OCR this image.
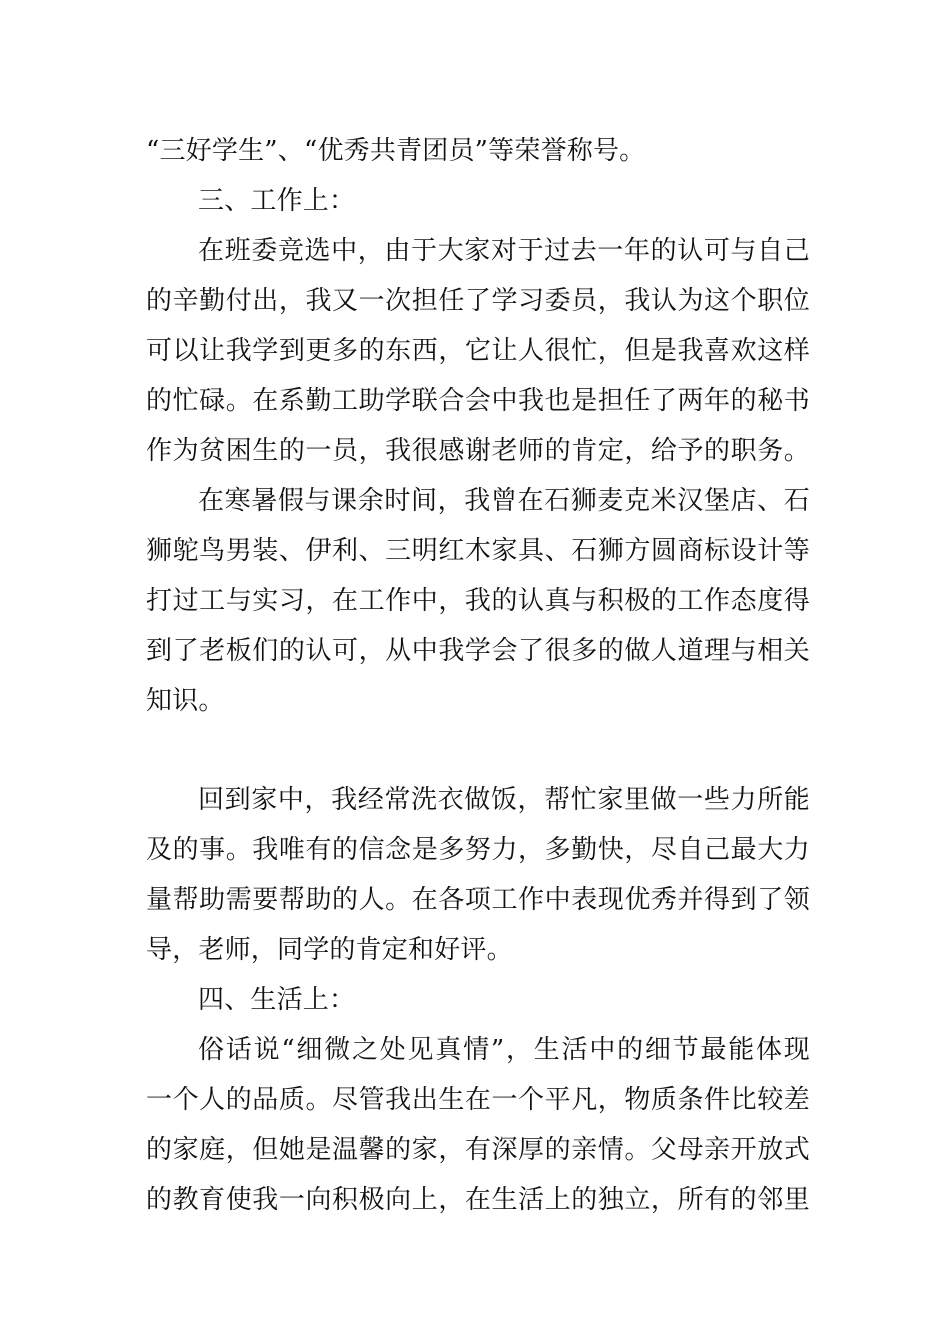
“三好学生”、“优秀共青团员”等荣誉称号。

三、工作上：

在班委竞选中，由于大家对于过去一年的认可与自己

的辛勤付出，我又一次担任了学习委员，我认为这个职位

可以让我学到更多的东西，它让人很忙，但是我喜欢这样

的忙碌。在系勤工助学联合会中我也是担任了两年的秘书

作为贫困生的一员，我很感谢老师的肯定，给予的职务。

在寒暑假与课余时间，我曾在石狮麦克米汉堡店、石

狮鸵鸟男装、伊利、三明红木家具、石狮方圆商标设计等

打过工与实习，在工作中，我的认真与积极的工作态度得

到了老板们的认可，从中我学会了很多的做人道理与相关

知识。

回到家中，我经常洗衣做饭，帮忙家里做一些力所能

及的事。我唯有的信念是多努力，多勤快，尽自己最大力

量帮助需要帮助的人。在各项工作中表现优秀并得到了领

导，老师，同学的肯定和好评。

四、生活上：

俗话说“细微之处见真情”，生活中的细节最能体现

一个人的品质。尽管我出生在一个平凡，物质条件比较差

的家庭，但她是温馨的家，有深厚的亲情。父母亲开放式

的教育使我一向积极向上，在生活上的独立，所有的邻里
